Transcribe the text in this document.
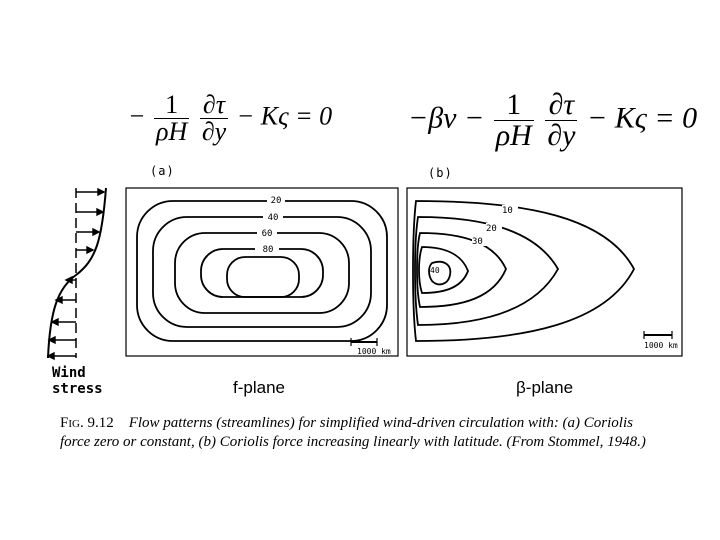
− $\frac{1}{\rho H}$
$\frac{\partial\tau}{\partial y} - K\varsigma = 0$	$-\beta v - \frac{1}{\rho H}$
$\frac{\partial\tau}{\partial y} - K\varsigma = 0$
(a)	(b)
Wind
stress
20
40
60
80
1000 km
10
20
30
40
1000 km
f-plane	β-plane
Fig. 9.12 Flow patterns (streamlines) for simplified wind-driven circulation with: (a) Coriolis
force zero or constant, (b) Coriolis force increasing linearly with latitude. (From Stommel, 1948.)
